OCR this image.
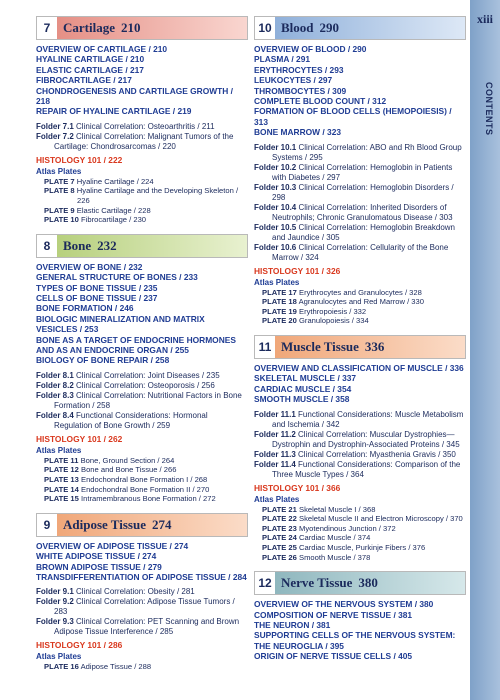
xiii
CONTENTS
7 Cartilage 210
OVERVIEW OF CARTILAGE / 210
HYALINE CARTILAGE / 210
ELASTIC CARTILAGE / 217
FIBROCARTILAGE / 217
CHONDROGENESIS AND CARTILAGE GROWTH / 218
REPAIR OF HYALINE CARTILAGE / 219
Folder 7.1 Clinical Correlation: Osteoarthritis / 211
Folder 7.2 Clinical Correlation: Malignant Tumors of the Cartilage: Chondrosarcomas / 220
HISTOLOGY 101 / 222
Atlas Plates
PLATE 7 Hyaline Cartilage / 224
PLATE 8 Hyaline Cartilage and the Developing Skeleton / 226
PLATE 9 Elastic Cartilage / 228
PLATE 10 Fibrocartilage / 230
8 Bone 232
OVERVIEW OF BONE / 232
GENERAL STRUCTURE OF BONES / 233
TYPES OF BONE TISSUE / 235
CELLS OF BONE TISSUE / 237
BONE FORMATION / 246
BIOLOGIC MINERALIZATION AND MATRIX VESICLES / 253
BONE AS A TARGET OF ENDOCRINE HORMONES AND AS AN ENDOCRINE ORGAN / 255
BIOLOGY OF BONE REPAIR / 258
Folder 8.1 Clinical Correlation: Joint Diseases / 235
Folder 8.2 Clinical Correlation: Osteoporosis / 256
Folder 8.3 Clinical Correlation: Nutritional Factors in Bone Formation / 258
Folder 8.4 Functional Considerations: Hormonal Regulation of Bone Growth / 259
HISTOLOGY 101 / 262
Atlas Plates
PLATE 11 Bone, Ground Section / 264
PLATE 12 Bone and Bone Tissue / 266
PLATE 13 Endochondral Bone Formation I / 268
PLATE 14 Endochondral Bone Formation II / 270
PLATE 15 Intramembranous Bone Formation / 272
9 Adipose Tissue 274
OVERVIEW OF ADIPOSE TISSUE / 274
WHITE ADIPOSE TISSUE / 274
BROWN ADIPOSE TISSUE / 279
TRANSDIFFERENTIATION OF ADIPOSE TISSUE / 284
Folder 9.1 Clinical Correlation: Obesity / 281
Folder 9.2 Clinical Correlation: Adipose Tissue Tumors / 283
Folder 9.3 Clinical Correlation: PET Scanning and Brown Adipose Tissue Interference / 285
HISTOLOGY 101 / 286
Atlas Plates
PLATE 16 Adipose Tissue / 288
10 Blood 290
OVERVIEW OF BLOOD / 290
PLASMA / 291
ERYTHROCYTES / 293
LEUKOCYTES / 297
THROMBOCYTES / 309
COMPLETE BLOOD COUNT / 312
FORMATION OF BLOOD CELLS (HEMOPOIESIS) / 313
BONE MARROW / 323
Folder 10.1 Clinical Correlation: ABO and Rh Blood Group Systems / 295
Folder 10.2 Clinical Correlation: Hemoglobin in Patients with Diabetes / 297
Folder 10.3 Clinical Correlation: Hemoglobin Disorders / 298
Folder 10.4 Clinical Correlation: Inherited Disorders of Neutrophils; Chronic Granulomatous Disease / 303
Folder 10.5 Clinical Correlation: Hemoglobin Breakdown and Jaundice / 305
Folder 10.6 Clinical Correlation: Cellularity of the Bone Marrow / 324
HISTOLOGY 101 / 326
Atlas Plates
PLATE 17 Erythrocytes and Granulocytes / 328
PLATE 18 Agranulocytes and Red Marrow / 330
PLATE 19 Erythropoiesis / 332
PLATE 20 Granulopoiesis / 334
11 Muscle Tissue 336
OVERVIEW AND CLASSIFICATION OF MUSCLE / 336
SKELETAL MUSCLE / 337
CARDIAC MUSCLE / 354
SMOOTH MUSCLE / 358
Folder 11.1 Functional Considerations: Muscle Metabolism and Ischemia / 342
Folder 11.2 Clinical Correlation: Muscular Dystrophies—Dystrophin and Dystrophin-Associated Proteins / 345
Folder 11.3 Clinical Correlation: Myasthenia Gravis / 350
Folder 11.4 Functional Considerations: Comparison of the Three Muscle Types / 364
HISTOLOGY 101 / 366
Atlas Plates
PLATE 21 Skeletal Muscle I / 368
PLATE 22 Skeletal Muscle II and Electron Microscopy / 370
PLATE 23 Myotendinous Junction / 372
PLATE 24 Cardiac Muscle / 374
PLATE 25 Cardiac Muscle, Purkinje Fibers / 376
PLATE 26 Smooth Muscle / 378
12 Nerve Tissue 380
OVERVIEW OF THE NERVOUS SYSTEM / 380
COMPOSITION OF NERVE TISSUE / 381
THE NEURON / 381
SUPPORTING CELLS OF THE NERVOUS SYSTEM: THE NEUROGLIA / 395
ORIGIN OF NERVE TISSUE CELLS / 405
